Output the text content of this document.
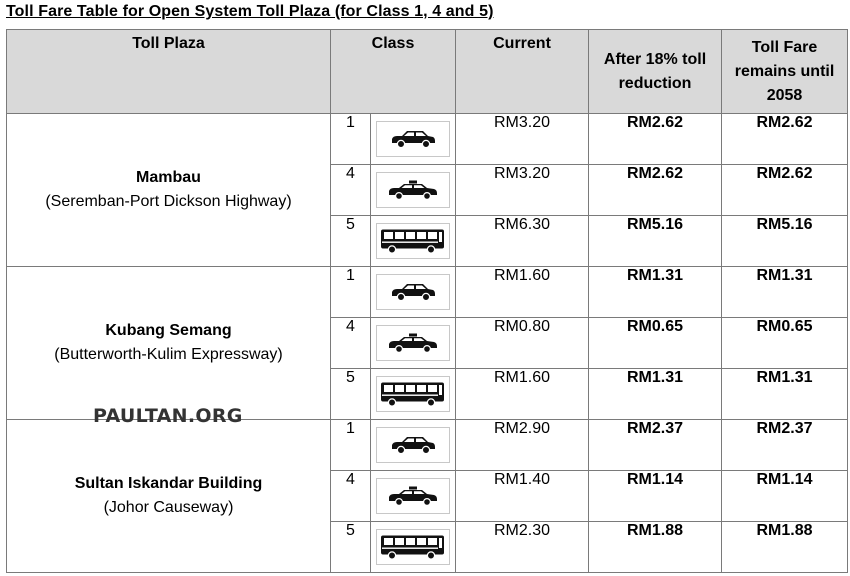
Toll Fare Table for Open System Toll Plaza (for Class 1, 4 and 5)
Toll Plaza	Class		Current	After 18% toll reduction	Toll Fare remains until 2058

Mambau
(Seremban-Port Dickson Highway)	1		RM3.20	RM2.62	RM2.62
	4		RM3.20	RM2.62	RM2.62
	5		RM6.30	RM5.16	RM5.16

Kubang Semang
(Butterworth-Kulim Expressway)	1		RM1.60	RM1.31	RM1.31
	4		RM0.80	RM0.65	RM0.65
	5		RM1.60	RM1.31	RM1.31

Sultan Iskandar Building
(Johor Causeway)	1		RM2.90	RM2.37	RM2.37
	4		RM1.40	RM1.14	RM1.14
	5		RM2.30	RM1.88	RM1.88
PAULTAN.ORG
